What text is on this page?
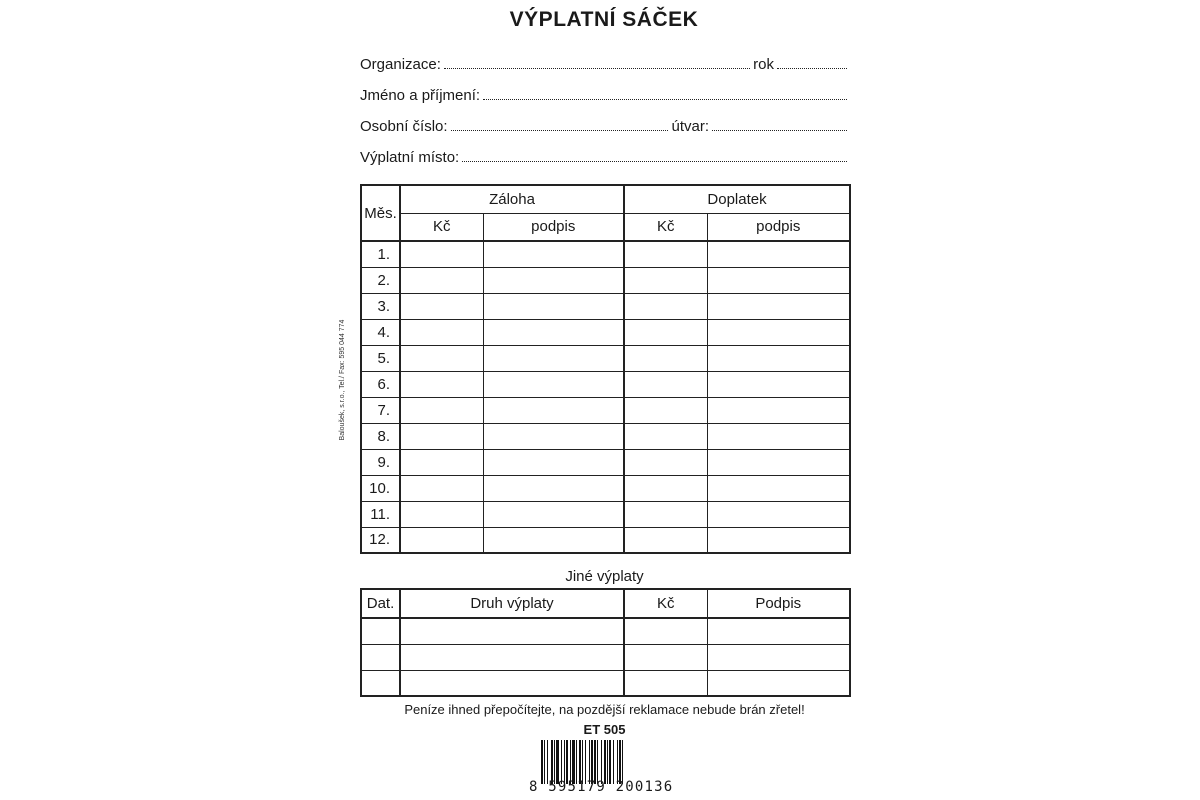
VÝPLATNÍ SÁČEK
Organizace:	rok
Jméno a příjmení:
Osobní číslo:	útvar:
Výplatní místo:
Baloušek, s.r.o., Tel./ Fax: 595 044 774
Měs.	Záloha		Doplatek	
	Kč	podpis	Kč	podpis
1.				
2.				
3.				
4.				
5.				
6.				
7.				
8.				
9.				
10.				
11.				
12.				
Jiné výplaty
Dat.	Druh výplaty	Kč	Podpis

Peníze ihned přepočítejte, na pozdější reklamace nebude brán zřetel!
ET 505
8 595179 200136
